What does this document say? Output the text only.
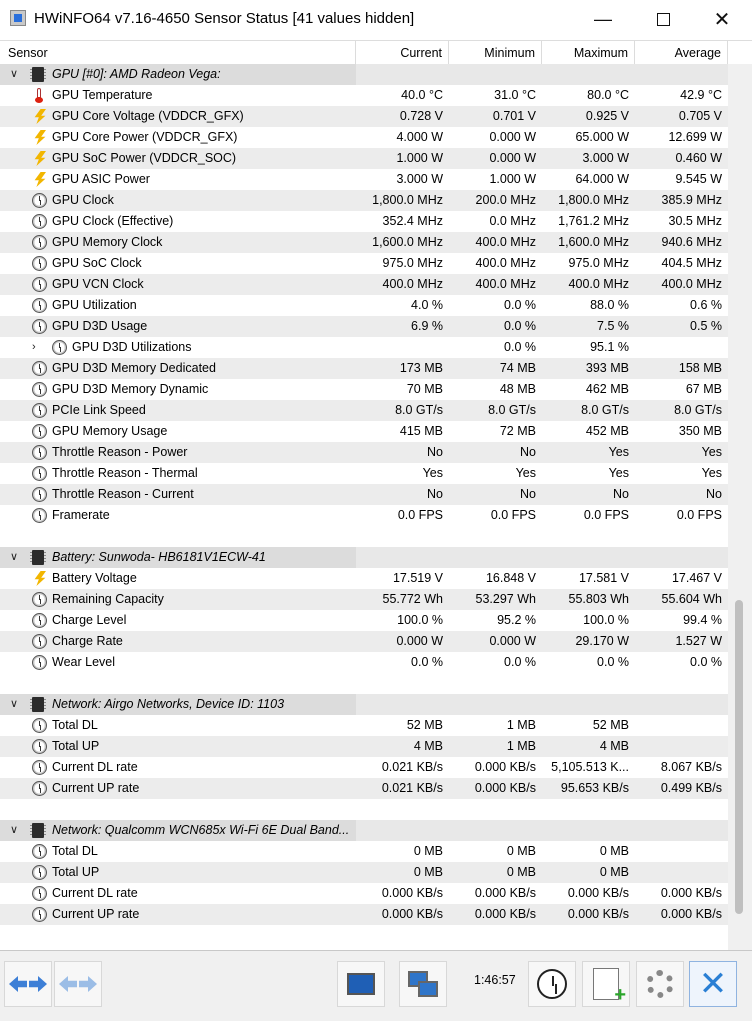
HWiNFO64 v7.16-4650 Sensor Status [41 values hidden]	—	✕
Sensor	Current	Minimum	Maximum	Average
∨	GPU [#0]: AMD Radeon Vega:
GPU Temperature	40.0 °C	31.0 °C	80.0 °C	42.9 °C
GPU Core Voltage (VDDCR_GFX)	0.728 V	0.701 V	0.925 V	0.705 V
GPU Core Power (VDDCR_GFX)	4.000 W	0.000 W	65.000 W	12.699 W
GPU SoC Power (VDDCR_SOC)	1.000 W	0.000 W	3.000 W	0.460 W
GPU ASIC Power	3.000 W	1.000 W	64.000 W	9.545 W
GPU Clock	1,800.0 MHz	200.0 MHz	1,800.0 MHz	385.9 MHz
GPU Clock (Effective)	352.4 MHz	0.0 MHz	1,761.2 MHz	30.5 MHz
GPU Memory Clock	1,600.0 MHz	400.0 MHz	1,600.0 MHz	940.6 MHz
GPU SoC Clock	975.0 MHz	400.0 MHz	975.0 MHz	404.5 MHz
GPU VCN Clock	400.0 MHz	400.0 MHz	400.0 MHz	400.0 MHz
GPU Utilization	4.0 %	0.0 %	88.0 %	0.6 %
GPU D3D Usage	6.9 %	0.0 %	7.5 %	0.5 %
›	GPU D3D Utilizations	0.0 %	95.1 %
GPU D3D Memory Dedicated	173 MB	74 MB	393 MB	158 MB
GPU D3D Memory Dynamic	70 MB	48 MB	462 MB	67 MB
PCIe Link Speed	8.0 GT/s	8.0 GT/s	8.0 GT/s	8.0 GT/s
GPU Memory Usage	415 MB	72 MB	452 MB	350 MB
Throttle Reason - Power	No	No	Yes	Yes
Throttle Reason - Thermal	Yes	Yes	Yes	Yes
Throttle Reason - Current	No	No	No	No
Framerate	0.0 FPS	0.0 FPS	0.0 FPS	0.0 FPS
∨	Battery: Sunwoda- HB6181V1ECW-41
Battery Voltage	17.519 V	16.848 V	17.581 V	17.467 V
Remaining Capacity	55.772 Wh	53.297 Wh	55.803 Wh	55.604 Wh
Charge Level	100.0 %	95.2 %	100.0 %	99.4 %
Charge Rate	0.000 W	0.000 W	29.170 W	1.527 W
Wear Level	0.0 %	0.0 %	0.0 %	0.0 %
∨	Network: Airgo Networks, Device ID: 1103
Total DL	52 MB	1 MB	52 MB
Total UP	4 MB	1 MB	4 MB
Current DL rate	0.021 KB/s	0.000 KB/s	5,105.513 K...	8.067 KB/s
Current UP rate	0.021 KB/s	0.000 KB/s	95.653 KB/s	0.499 KB/s
∨	Network: Qualcomm WCN685x Wi-Fi 6E Dual Band...
Total DL	0 MB	0 MB	0 MB
Total UP	0 MB	0 MB	0 MB
Current DL rate	0.000 KB/s	0.000 KB/s	0.000 KB/s	0.000 KB/s
Current UP rate	0.000 KB/s	0.000 KB/s	0.000 KB/s	0.000 KB/s
1:46:57
+	✕
